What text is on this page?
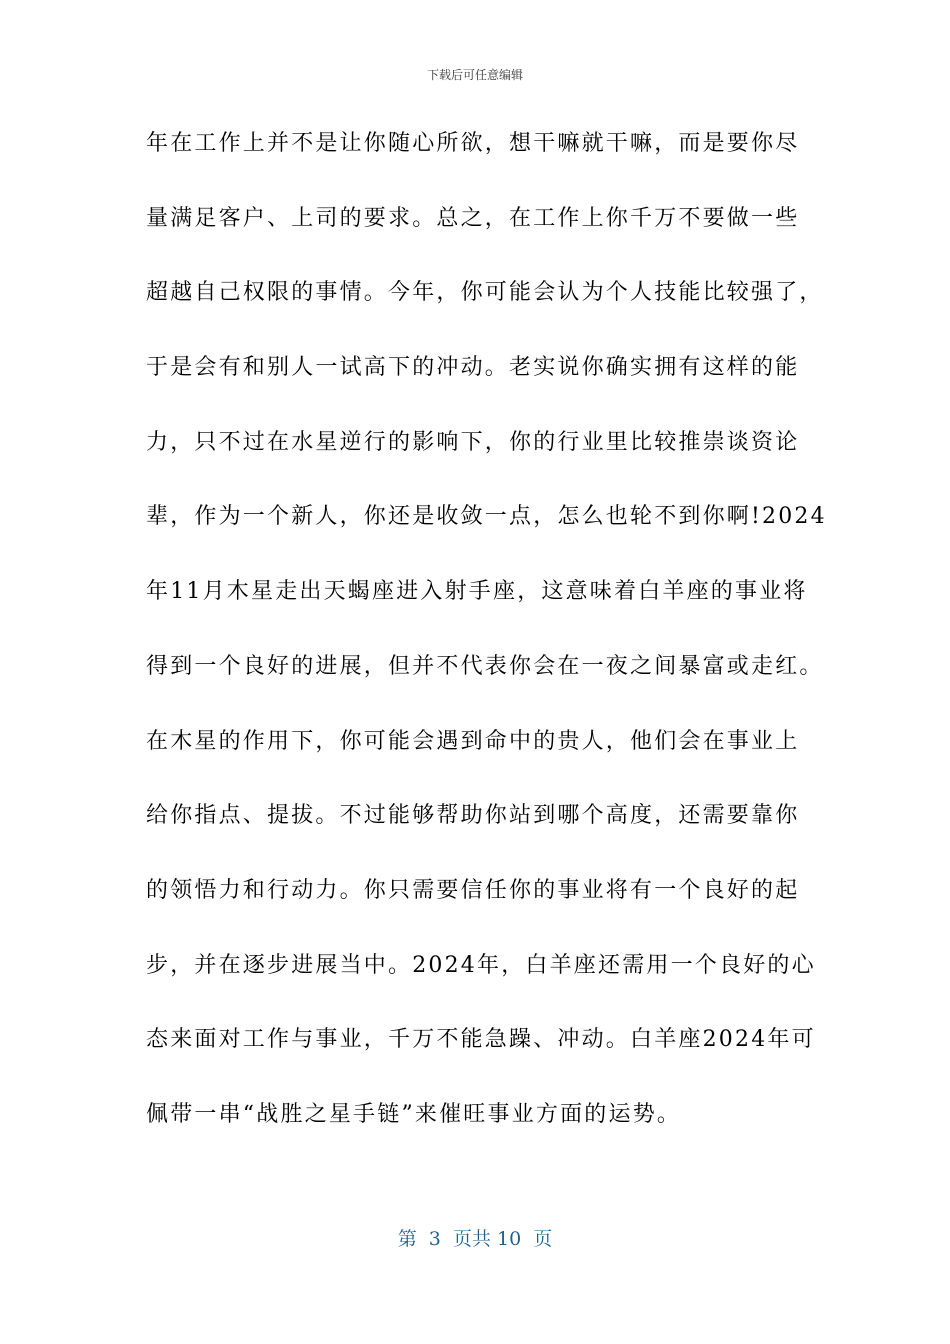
下载后可任意编辑
年在工作上并不是让你随心所欲，想干嘛就干嘛，而是要你尽
量满足客户、上司的要求。总之，在工作上你千万不要做一些
超越自己权限的事情。今年，你可能会认为个人技能比较强了，
于是会有和别人一试高下的冲动。老实说你确实拥有这样的能
力，只不过在水星逆行的影响下，你的行业里比较推崇谈资论
辈，作为一个新人，你还是收敛一点，怎么也轮不到你啊!2024
年11月木星走出天蝎座进入射手座，这意味着白羊座的事业将
得到一个良好的进展，但并不代表你会在一夜之间暴富或走红。
在木星的作用下，你可能会遇到命中的贵人，他们会在事业上
给你指点、提拔。不过能够帮助你站到哪个高度，还需要靠你
的领悟力和行动力。你只需要信任你的事业将有一个良好的起
步，并在逐步进展当中。2024年，白羊座还需用一个良好的心
态来面对工作与事业，千万不能急躁、冲动。白羊座2024年可
佩带一串“战胜之星手链”来催旺事业方面的运势。
第  3  页共 10  页
